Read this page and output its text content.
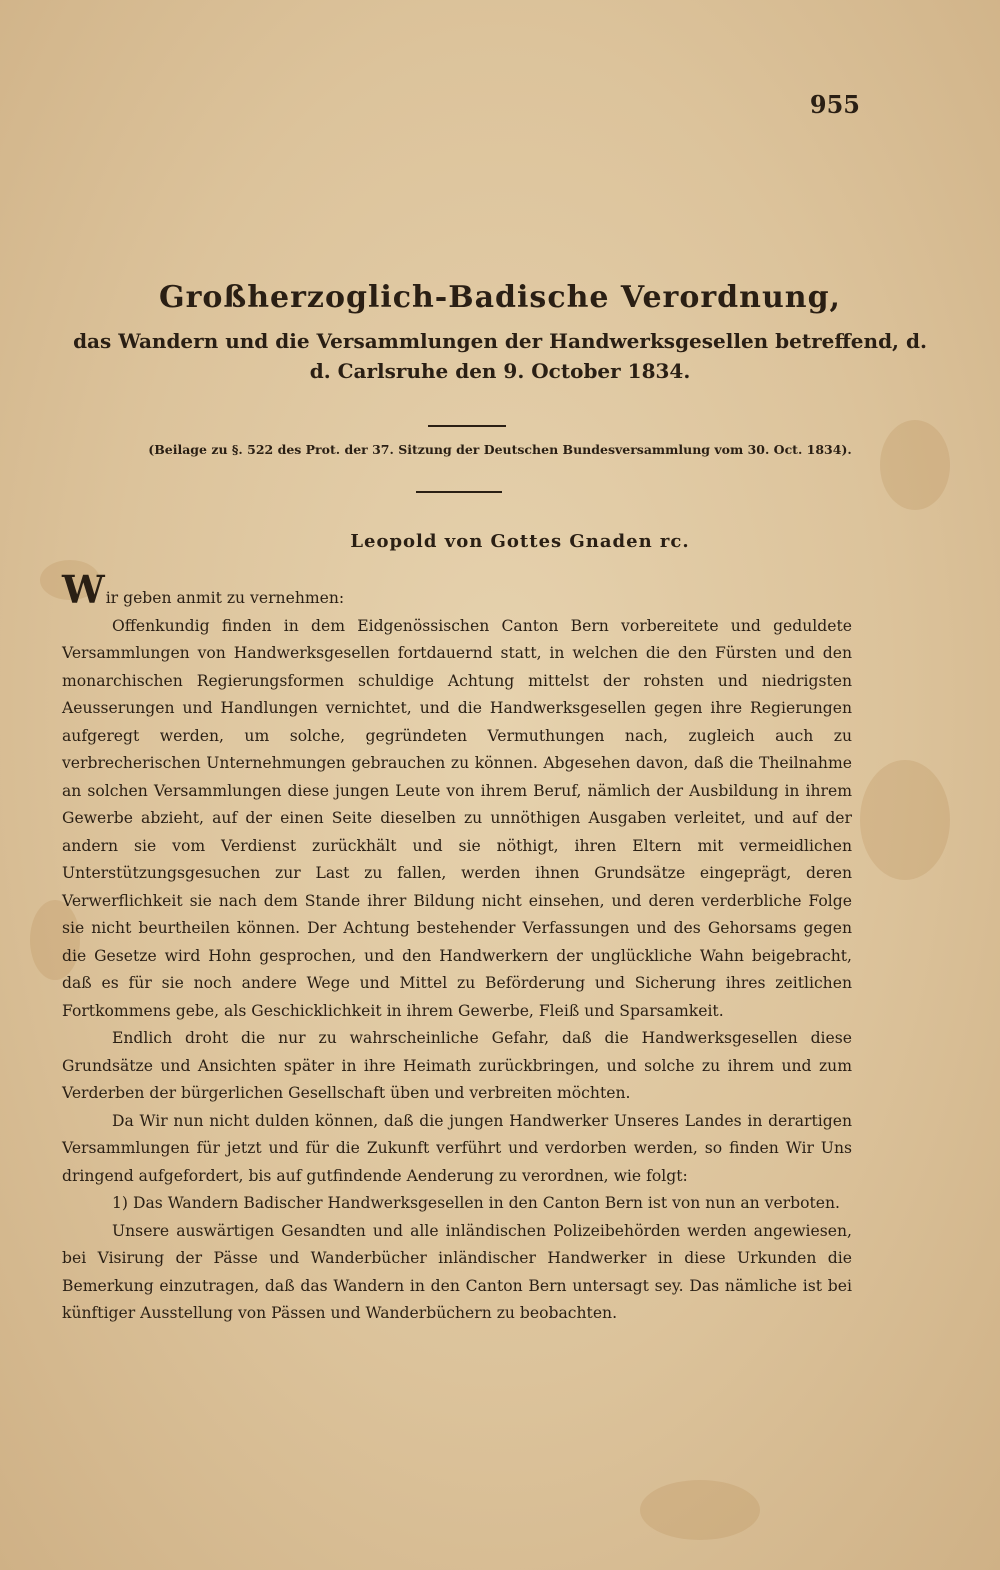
955
Großherzoglich-Badische Verordnung,
das Wandern und die Versammlungen der Handwerksgesellen betreffend, d. d. Carlsruhe den 9. October 1834.
(Beilage zu §. 522 des Prot. der 37. Sitzung der Deutschen Bundesversammlung vom 30. Oct. 1834).
Leopold von Gottes Gnaden rc.

Wir geben anmit zu vernehmen:

Offenkundig finden in dem Eidgenössischen Canton Bern vorbereitete und geduldete Versammlungen von Handwerksgesellen fortdauernd statt, in welchen die den Fürsten und den monarchischen Regierungsformen schuldige Achtung mittelst der rohsten und niedrigsten Aeusserungen und Handlungen vernichtet, und die Handwerksgesellen gegen ihre Regierungen aufgeregt werden, um solche, gegründeten Vermuthungen nach, zugleich auch zu verbrecherischen Unternehmungen gebrauchen zu können. Abgesehen davon, daß die Theilnahme an solchen Versammlungen diese jungen Leute von ihrem Beruf, nämlich der Ausbildung in ihrem Gewerbe abzieht, auf der einen Seite dieselben zu unnöthigen Ausgaben verleitet, und auf der andern sie vom Verdienst zurückhält und sie nöthigt, ihren Eltern mit vermeidlichen Unterstützungsgesuchen zur Last zu fallen, werden ihnen Grundsätze eingeprägt, deren Verwerflichkeit sie nach dem Stande ihrer Bildung nicht einsehen, und deren verderbliche Folge sie nicht beurtheilen können. Der Achtung bestehender Verfassungen und des Gehorsams gegen die Gesetze wird Hohn gesprochen, und den Handwerkern der unglückliche Wahn beigebracht, daß es für sie noch andere Wege und Mittel zu Beförderung und Sicherung ihres zeitlichen Fortkommens gebe, als Geschicklichkeit in ihrem Gewerbe, Fleiß und Sparsamkeit.

Endlich droht die nur zu wahrscheinliche Gefahr, daß die Handwerksgesellen diese Grundsätze und Ansichten später in ihre Heimath zurückbringen, und solche zu ihrem und zum Verderben der bürgerlichen Gesellschaft üben und verbreiten möchten.

Da Wir nun nicht dulden können, daß die jungen Handwerker Unseres Landes in derartigen Versammlungen für jetzt und für die Zukunft verführt und verdorben werden, so finden Wir Uns dringend aufgefordert, bis auf gutfindende Aenderung zu verordnen, wie folgt:

1) Das Wandern Badischer Handwerksgesellen in den Canton Bern ist von nun an verboten.

Unsere auswärtigen Gesandten und alle inländischen Polizeibehörden werden angewiesen, bei Visirung der Pässe und Wanderbücher inländischer Handwerker in diese Urkunden die Bemerkung einzutragen, daß das Wandern in den Canton Bern untersagt sey. Das nämliche ist bei künftiger Ausstellung von Pässen und Wanderbüchern zu beobachten.
